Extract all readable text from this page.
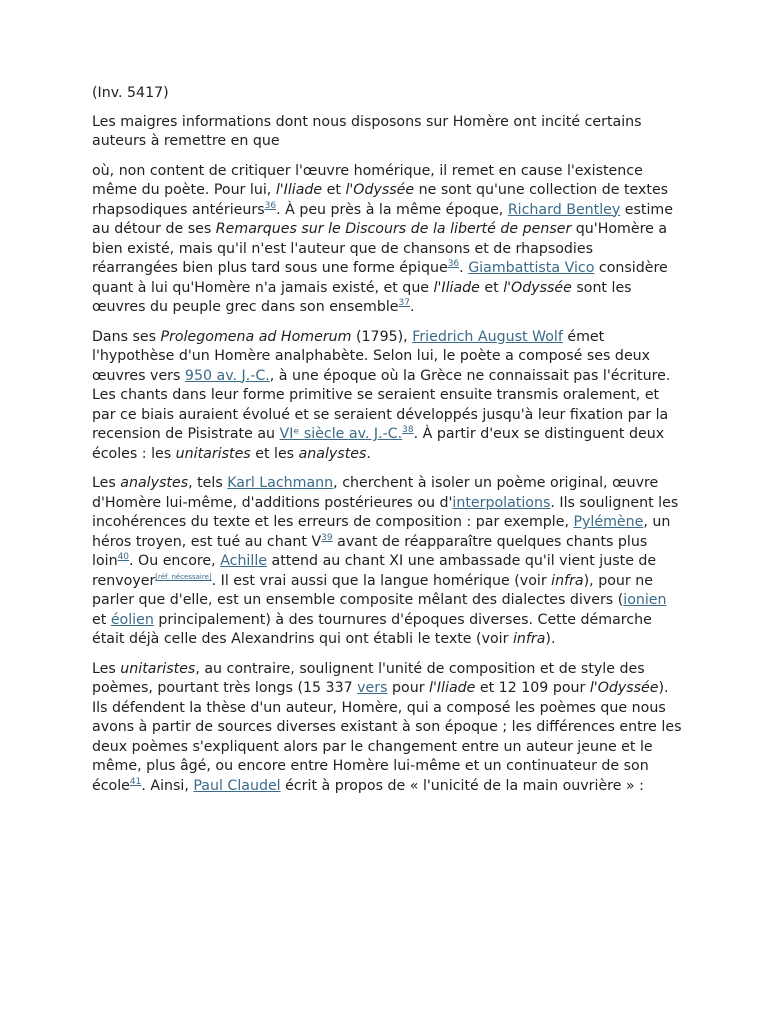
(Inv. 5417)

Les maigres informations dont nous disposons sur Homère ont incité certains auteurs à remettre en que

où, non content de critiquer l'œuvre homérique, il remet en cause l'existence même du poète. Pour lui, l'Iliade et l'Odyssée ne sont qu'une collection de textes rhapsodiques antérieurs$^{36}$. À peu près à la même époque, Richard Bentley estime au détour de ses Remarques sur le Discours de la liberté de penser qu'Homère a bien existé, mais qu'il n'est l'auteur que de chansons et de rhapsodies réarrangées bien plus tard sous une forme épique$^{36}$. Giambattista Vico considère quant à lui qu'Homère n'a jamais existé, et que l'Iliade et l'Odyssée sont les œuvres du peuple grec dans son ensemble$^{37}$.

Dans ses Prolegomena ad Homerum (1795), Friedrich August Wolf émet l'hypothèse d'un Homère analphabète. Selon lui, le poète a composé ses deux œuvres vers 950 av. J.-C., à une époque où la Grèce ne connaissait pas l'écriture. Les chants dans leur forme primitive se seraient ensuite transmis oralement, et par ce biais auraient évolué et se seraient développés jusqu'à leur fixation par la recension de Pisistrate au VIᵉ siècle av. J.-C.$^{38}$. À partir d'eux se distinguent deux écoles : les unitaristes et les analystes.

Les analystes, tels Karl Lachmann, cherchent à isoler un poème original, œuvre d'Homère lui-même, d'additions postérieures ou d'interpolations. Ils soulignent les incohérences du texte et les erreurs de composition : par exemple, Pylémène, un héros troyen, est tué au chant V$^{39}$ avant de réapparaître quelques chants plus loin$^{40}$. Ou encore, Achille attend au chant XI une ambassade qu'il vient juste de renvoyer[réf. nécessaire]. Il est vrai aussi que la langue homérique (voir infra), pour ne parler que d'elle, est un ensemble composite mêlant des dialectes divers (ionien et éolien principalement) à des tournures d'époques diverses. Cette démarche était déjà celle des Alexandrins qui ont établi le texte (voir infra).

Les unitaristes, au contraire, soulignent l'unité de composition et de style des poèmes, pourtant très longs (15 337 vers pour l'Iliade et 12 109 pour l'Odyssée). Ils défendent la thèse d'un auteur, Homère, qui a composé les poèmes que nous avons à partir de sources diverses existant à son époque ; les différences entre les deux poèmes s'expliquent alors par le changement entre un auteur jeune et le même, plus âgé, ou encore entre Homère lui-même et un continuateur de son école$^{41}$. Ainsi, Paul Claudel écrit à propos de « l'unicité de la main ouvrière » :
